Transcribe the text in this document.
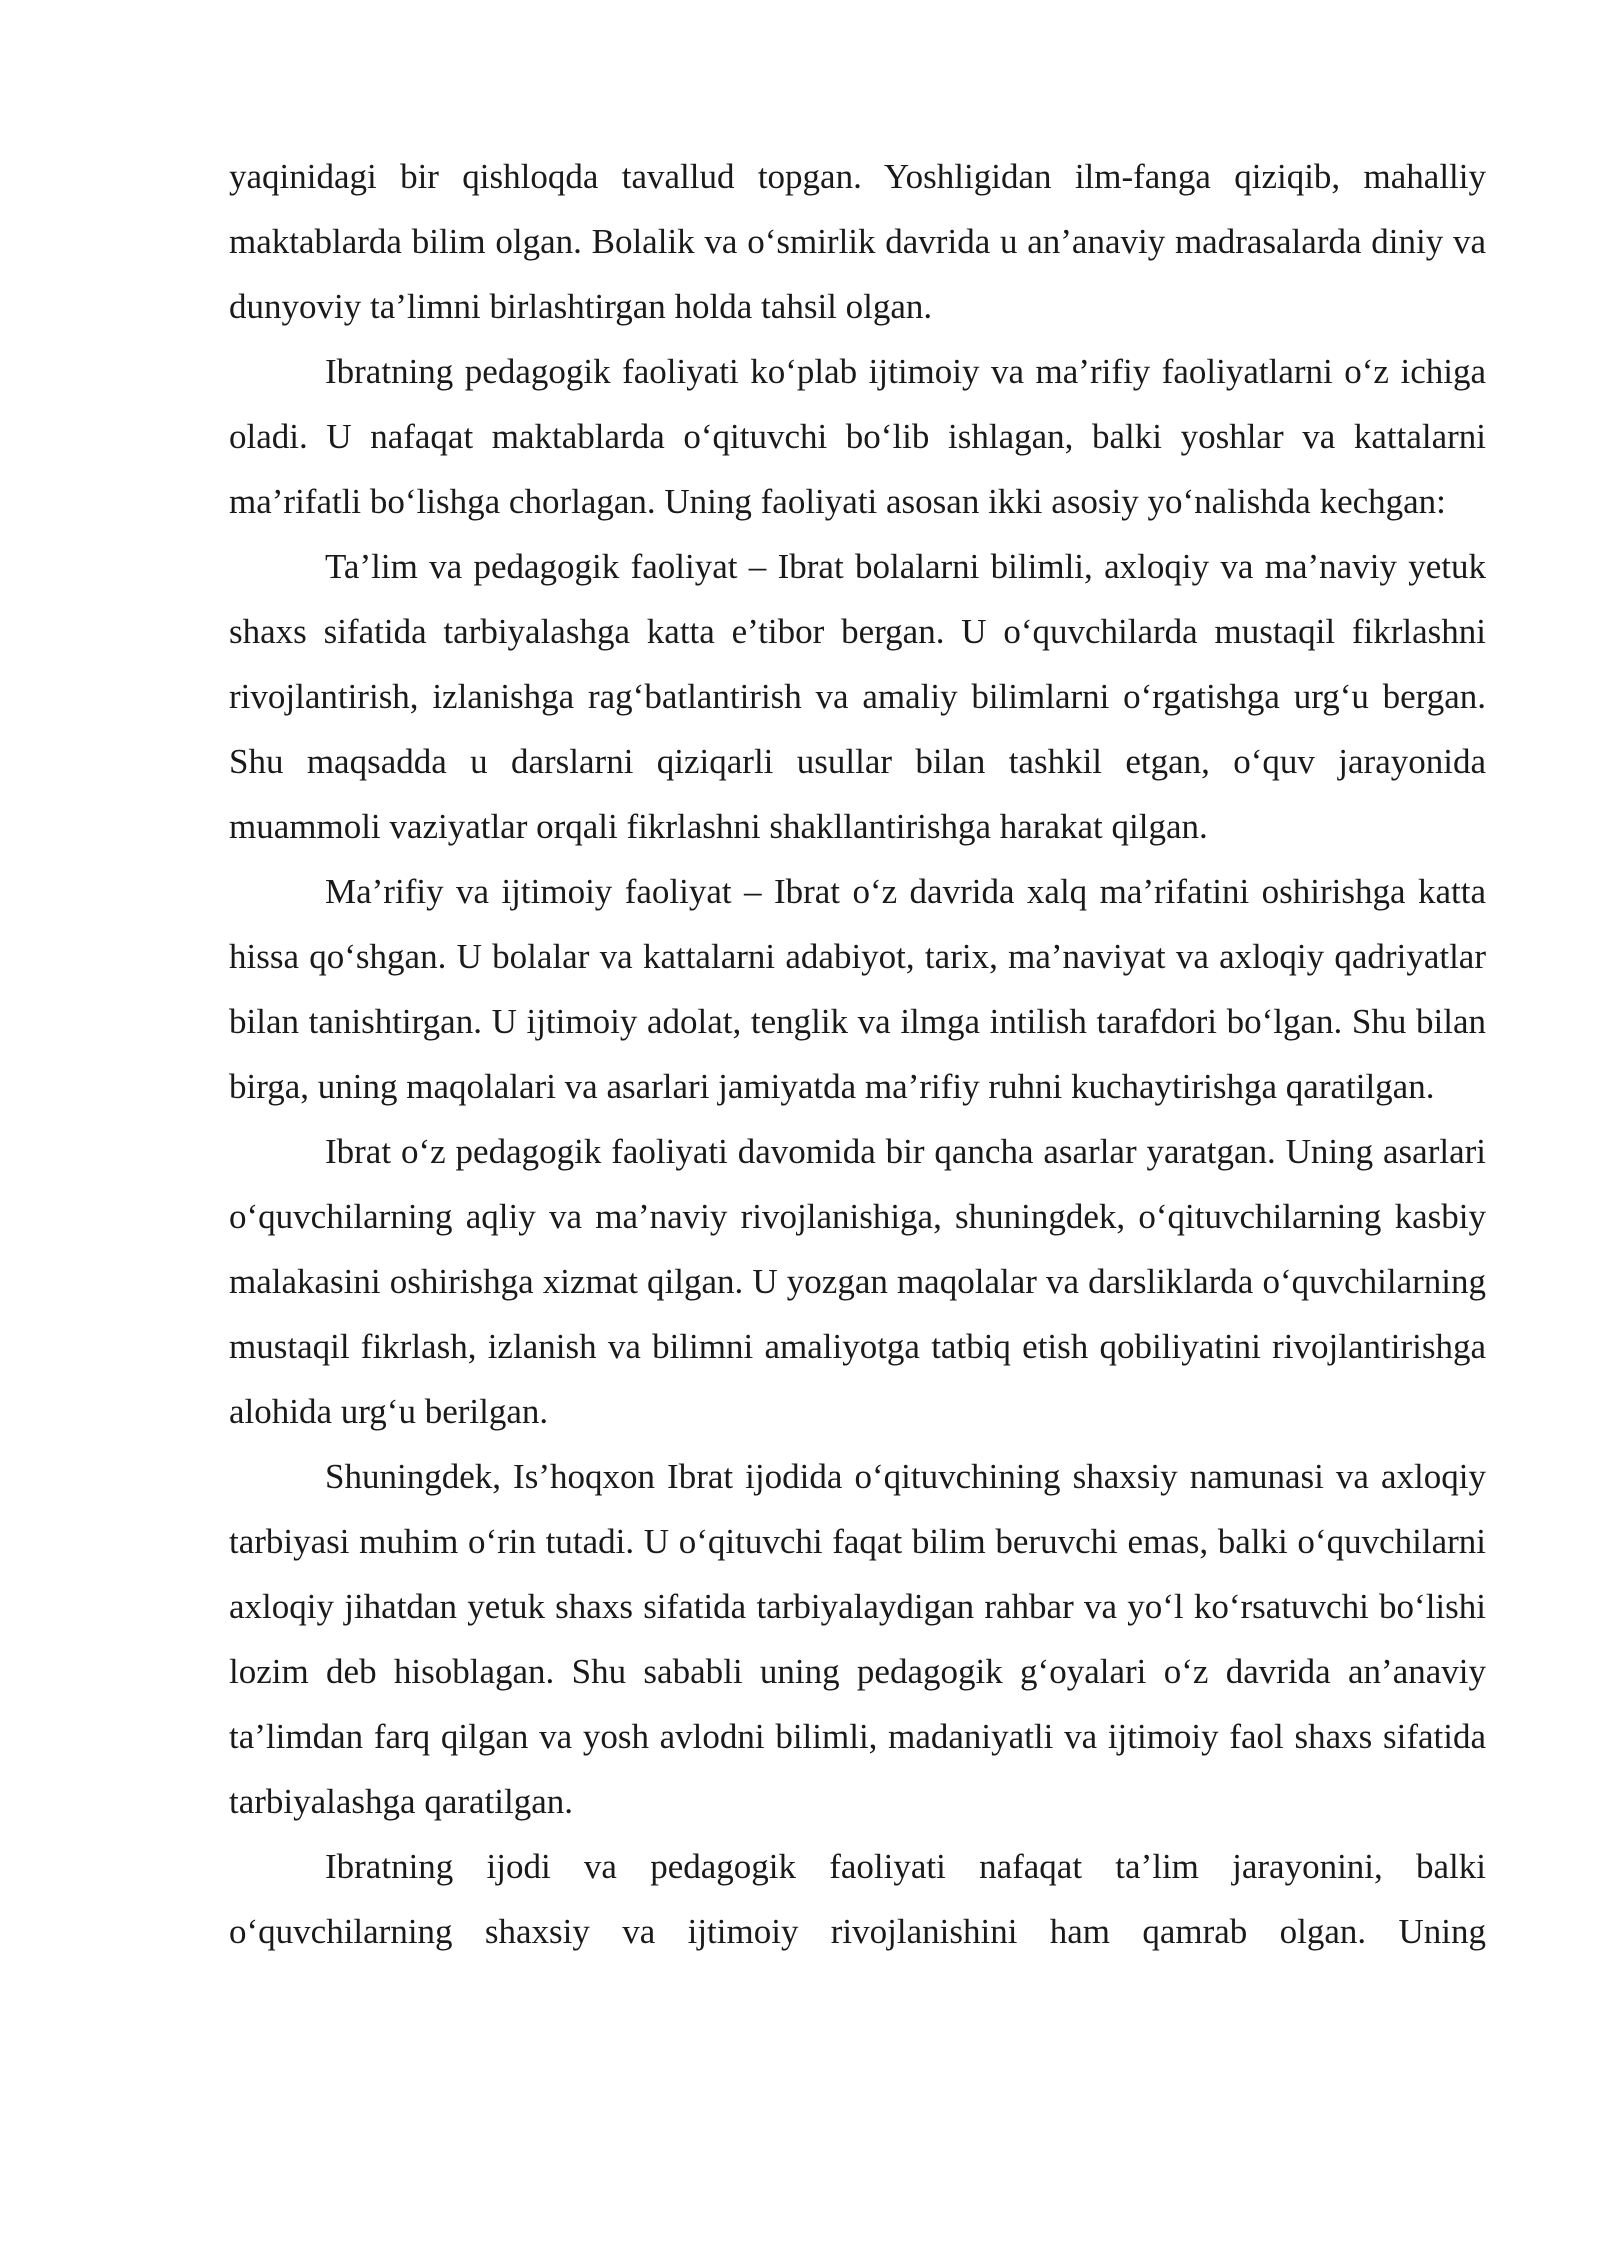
yaqinidagi bir qishloqda tavallud topgan. Yoshligidan ilm-fanga qiziqib, mahalliy maktablarda bilim olgan. Bolalik va o‘smirlik davrida u an’anaviy madrasalarda diniy va dunyoviy ta’limni birlashtirgan holda tahsil olgan.

Ibratning pedagogik faoliyati ko‘plab ijtimoiy va ma’rifiy faoliyatlarni o‘z ichiga oladi. U nafaqat maktablarda o‘qituvchi bo‘lib ishlagan, balki yoshlar va kattalarni ma’rifatli bo‘lishga chorlagan. Uning faoliyati asosan ikki asosiy yo‘nalishda kechgan:

Ta’lim va pedagogik faoliyat – Ibrat bolalarni bilimli, axloqiy va ma’naviy yetuk shaxs sifatida tarbiyalashga katta e’tibor bergan. U o‘quvchilarda mustaqil fikrlashni rivojlantirish, izlanishga rag‘batlantirish va amaliy bilimlarni o‘rgatishga urg‘u bergan. Shu maqsadda u darslarni qiziqarli usullar bilan tashkil etgan, o‘quv jarayonida muammoli vaziyatlar orqali fikrlashni shakllantirishga harakat qilgan.

Ma’rifiy va ijtimoiy faoliyat – Ibrat o‘z davrida xalq ma’rifatini oshirishga katta hissa qo‘shgan. U bolalar va kattalarni adabiyot, tarix, ma’naviyat va axloqiy qadriyatlar bilan tanishtirgan. U ijtimoiy adolat, tenglik va ilmga intilish tarafdori bo‘lgan. Shu bilan birga, uning maqolalari va asarlari jamiyatda ma’rifiy ruhni kuchaytirishga qaratilgan.

Ibrat o‘z pedagogik faoliyati davomida bir qancha asarlar yaratgan. Uning asarlari o‘quvchilarning aqliy va ma’naviy rivojlanishiga, shuningdek, o‘qituvchilarning kasbiy malakasini oshirishga xizmat qilgan. U yozgan maqolalar va darsliklarda o‘quvchilarning mustaqil fikrlash, izlanish va bilimni amaliyotga tatbiq etish qobiliyatini rivojlantirishga alohida urg‘u berilgan.

Shuningdek, Is’hoqxon Ibrat ijodida o‘qituvchining shaxsiy namunasi va axloqiy tarbiyasi muhim o‘rin tutadi. U o‘qituvchi faqat bilim beruvchi emas, balki o‘quvchilarni axloqiy jihatdan yetuk shaxs sifatida tarbiyalaydigan rahbar va yo‘l ko‘rsatuvchi bo‘lishi lozim deb hisoblagan. Shu sababli uning pedagogik g‘oyalari o‘z davrida an’anaviy ta’limdan farq qilgan va yosh avlodni bilimli, madaniyatli va ijtimoiy faol shaxs sifatida tarbiyalashga qaratilgan.

Ibratning ijodi va pedagogik faoliyati nafaqat ta’lim jarayonini, balki o‘quvchilarning shaxsiy va ijtimoiy rivojlanishini ham qamrab olgan. Uning
